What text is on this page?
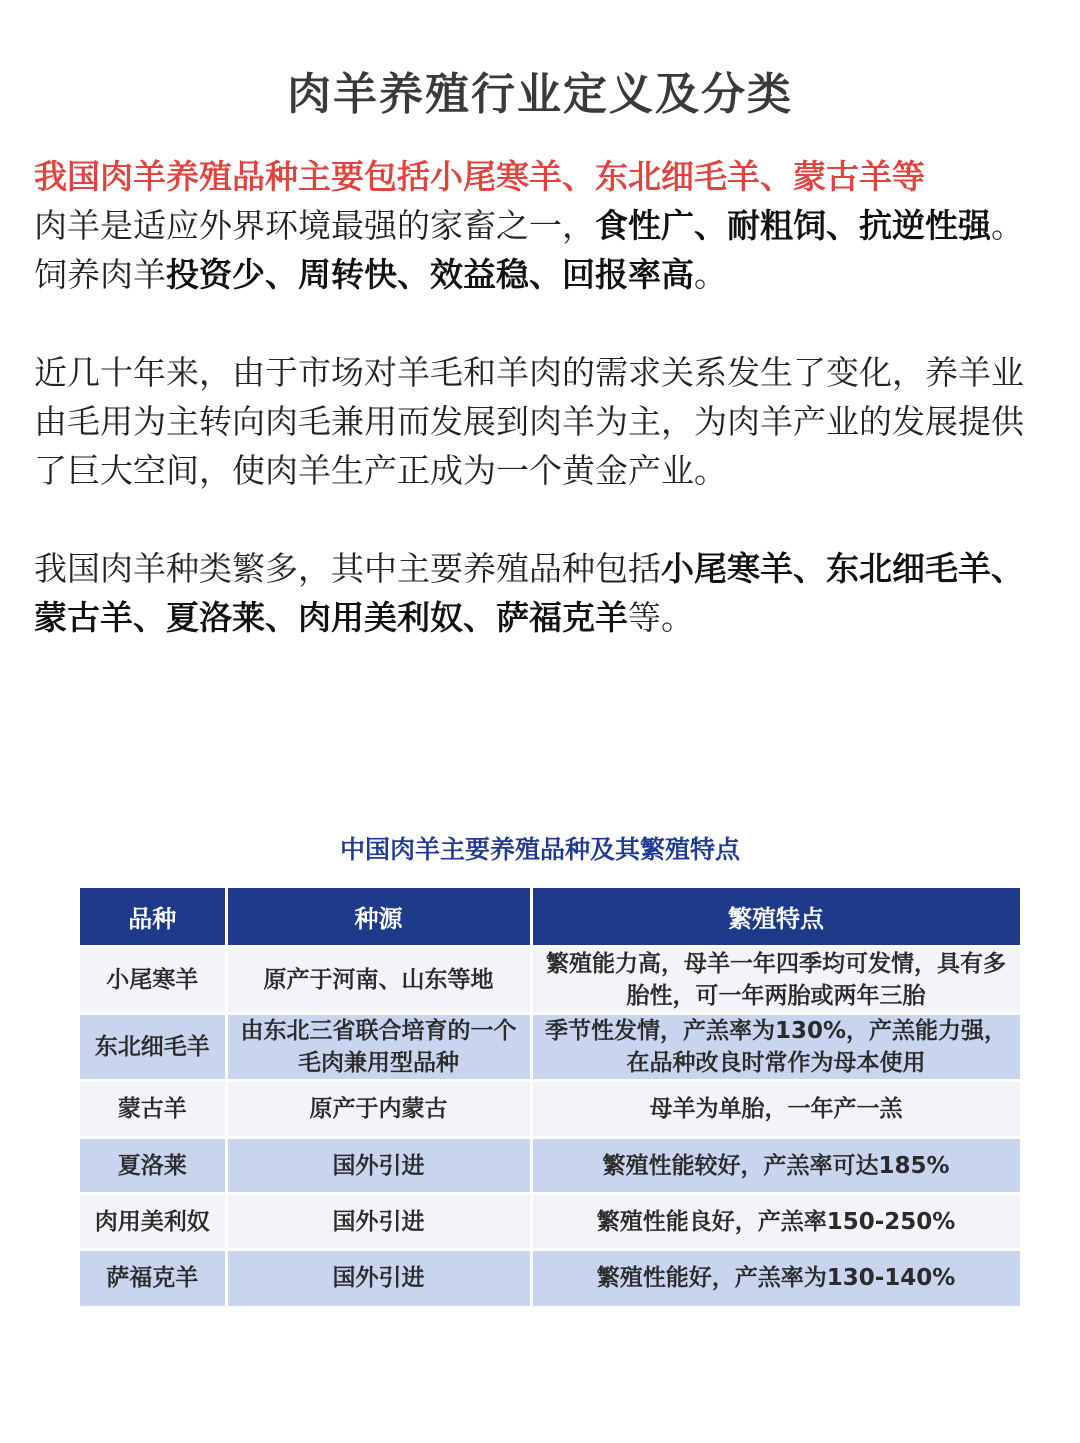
肉羊养殖行业定义及分类

我国肉羊养殖品种主要包括小尾寒羊、东北细毛羊、蒙古羊等

肉羊是适应外界环境最强的家畜之一，食性广、耐粗饲、抗逆性强。饲养肉羊投资少、周转快、效益稳、回报率高。

近几十年来，由于市场对羊毛和羊肉的需求关系发生了变化，养羊业由毛用为主转向肉毛兼用而发展到肉羊为主，为肉羊产业的发展提供了巨大空间，使肉羊生产正成为一个黄金产业。

我国肉羊种类繁多，其中主要养殖品种包括小尾寒羊、东北细毛羊、蒙古羊、夏洛莱、肉用美利奴、萨福克羊等。

中国肉羊主要养殖品种及其繁殖特点
品种	种源	繁殖特点
小尾寒羊	原产于河南、山东等地	繁殖能力高，母羊一年四季均可发情，具有多胎性，可一年两胎或两年三胎
东北细毛羊	由东北三省联合培育的一个毛肉兼用型品种	季节性发情，产羔率为130%，产羔能力强，在品种改良时常作为母本使用
蒙古羊	原产于内蒙古	母羊为单胎，一年产一羔
夏洛莱	国外引进	繁殖性能较好，产羔率可达185%
肉用美利奴	国外引进	繁殖性能良好，产羔率150-250%
萨福克羊	国外引进	繁殖性能好，产羔率为130-140%
